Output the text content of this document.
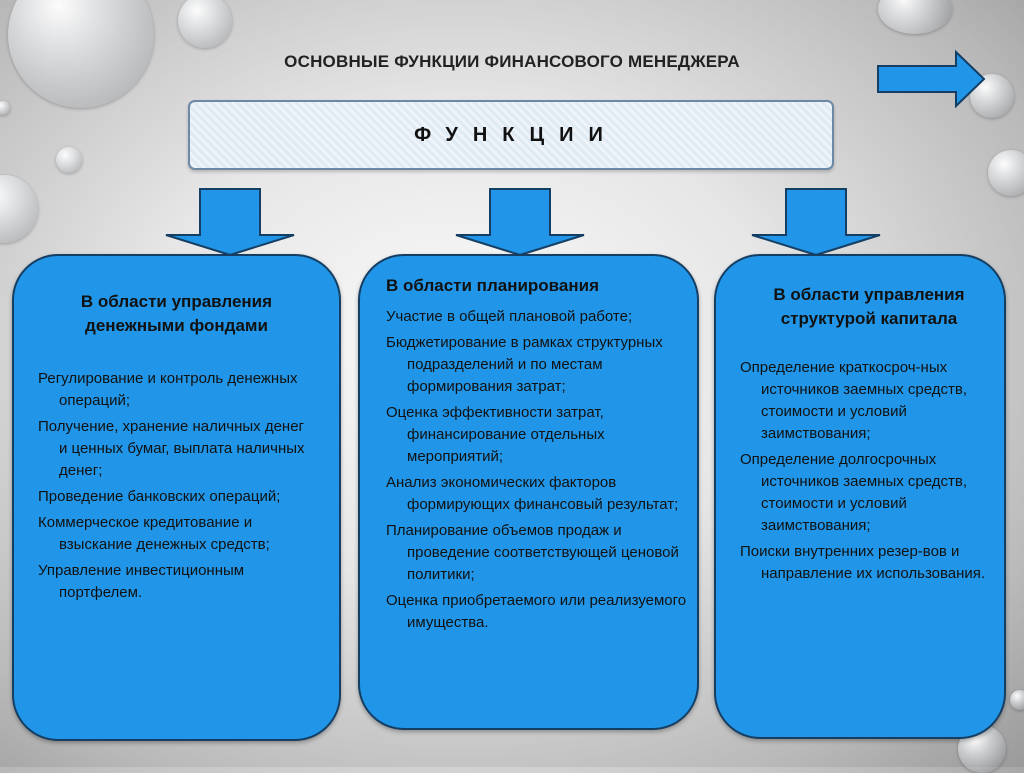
ОСНОВНЫЕ ФУНКЦИИ ФИНАНСОВОГО МЕНЕДЖЕРА
ФУНКЦИИ
В области управления денежными фондами
Регулирование и контроль денежных операций;
Получение, хранение наличных денег и ценных бумаг, выплата наличных денег;
Проведение банковских операций;
Коммерческое кредитование и взыскание денежных средств;
Управление инвестиционным портфелем.
В области планирования
Участие в общей плановой работе;
Бюджетирование в рамках структурных подразделений и по местам формирования затрат;
Оценка эффективности затрат, финансирование отдельных мероприятий;
Анализ экономических факторов формирующих финансовый результат;
Планирование объемов продаж и проведение соответствующей ценовой политики;
Оценка приобретаемого или реализуемого имущества.
В области управления структурой капитала
Определение краткосроч-ных источников заемных средств, стоимости и условий заимствования;
Определение долгосрочных источников заемных средств, стоимости и условий заимствования;
Поиски внутренних резер-вов и направление их использования.
